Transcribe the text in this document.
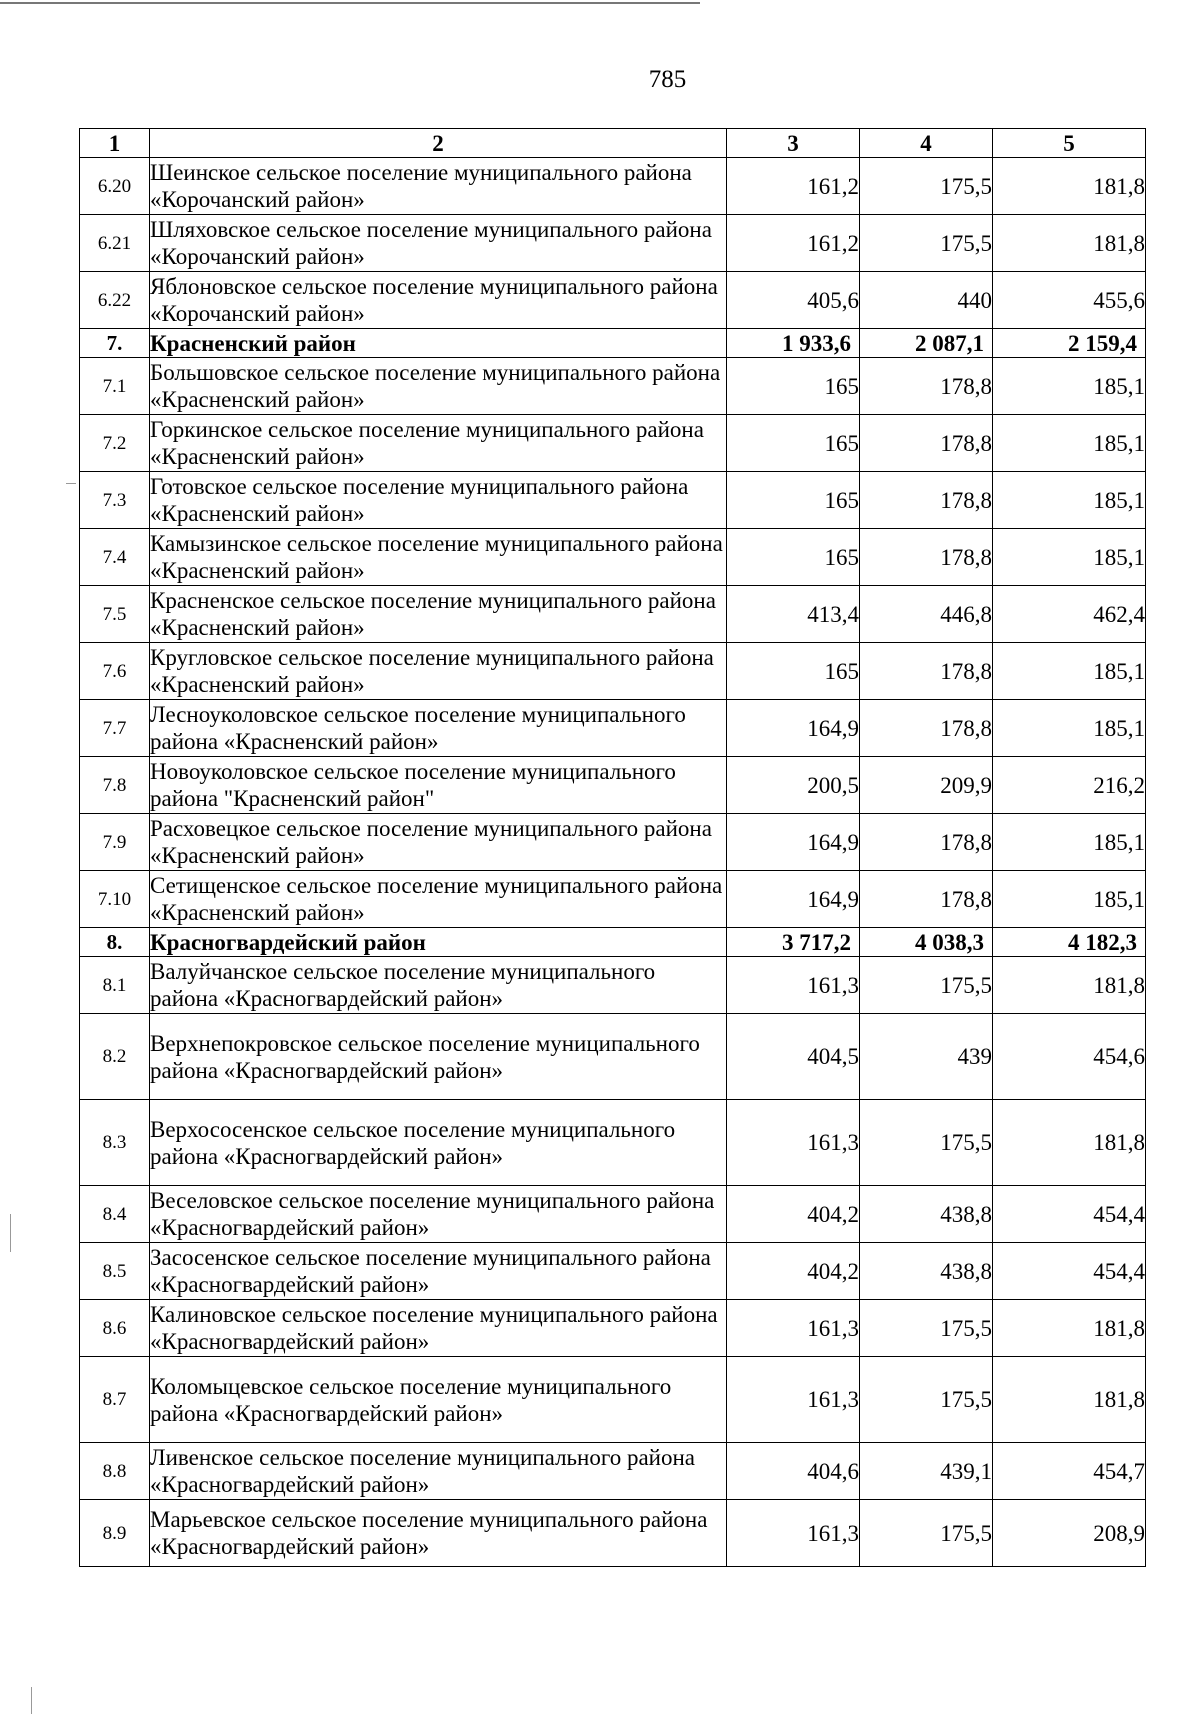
785
1	2	3	4	5
6.20	Шеинское сельское поселение муниципального района «Корочанский район»	161,2	175,5	181,8
6.21	Шляховское сельское поселение муниципального района «Корочанский район»	161,2	175,5	181,8
6.22	Яблоновское сельское поселение муниципального района «Корочанский район»	405,6	440	455,6
7.	Красненский район	1 933,6	2 087,1	2 159,4
7.1	Большовское сельское поселение муниципального района «Красненский район»	165	178,8	185,1
7.2	Горкинское сельское поселение муниципального района «Красненский район»	165	178,8	185,1
7.3	Готовское сельское поселение муниципального района «Красненский район»	165	178,8	185,1
7.4	Камызинское сельское поселение муниципального района «Красненский район»	165	178,8	185,1
7.5	Красненское сельское поселение муниципального района «Красненский район»	413,4	446,8	462,4
7.6	Кругловское сельское поселение муниципального района «Красненский район»	165	178,8	185,1
7.7	Лесноуколовское сельское поселение муниципального района «Красненский район»	164,9	178,8	185,1
7.8	Новоуколовское сельское поселение муниципального района "Красненский район"	200,5	209,9	216,2
7.9	Расховецкое сельское поселение муниципального района «Красненский район»	164,9	178,8	185,1
7.10	Сетищенское сельское поселение муниципального района «Красненский район»	164,9	178,8	185,1
8.	Красногвардейский район	3 717,2	4 038,3	4 182,3
8.1	Валуйчанское сельское поселение муниципального района «Красногвардейский район»	161,3	175,5	181,8
8.2	Верхнепокровское сельское поселение муниципального района «Красногвардейский район»	404,5	439	454,6
8.3	Верхососенское сельское поселение муниципального района «Красногвардейский район»	161,3	175,5	181,8
8.4	Веселовское сельское поселение муниципального района «Красногвардейский район»	404,2	438,8	454,4
8.5	Засосенское сельское поселение муниципального района «Красногвардейский район»	404,2	438,8	454,4
8.6	Калиновское сельское поселение муниципального района «Красногвардейский район»	161,3	175,5	181,8
8.7	Коломыцевское сельское поселение муниципального района «Красногвардейский район»	161,3	175,5	181,8
8.8	Ливенское сельское поселение муниципального района «Красногвардейский район»	404,6	439,1	454,7
8.9	Марьевское сельское поселение муниципального района «Красногвардейский район»	161,3	175,5	208,9
